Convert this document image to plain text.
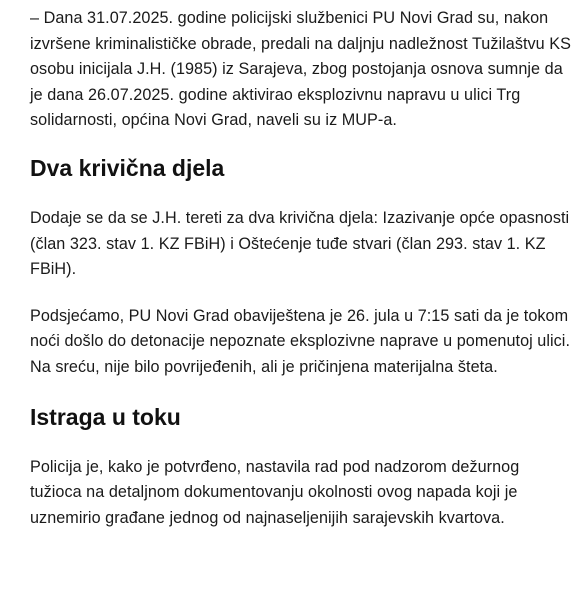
– Dana 31.07.2025. godine policijski službenici PU Novi Grad su, nakon izvršene kriminalističke obrade, predali na daljnju nadležnost Tužilaštvu KS osobu inicijala J.H. (1985) iz Sarajeva, zbog postojanja osnova sumnje da je dana 26.07.2025. godine aktivirao eksplozivnu napravu u ulici Trg solidarnosti, općina Novi Grad, naveli su iz MUP-a.

Dva krivična djela

Dodaje se da se J.H. tereti za dva krivična djela: Izazivanje opće opasnosti (član 323. stav 1. KZ FBiH) i Oštećenje tuđe stvari (član 293. stav 1. KZ FBiH).

Podsjećamo, PU Novi Grad obaviještena je 26. jula u 7:15 sati da je tokom noći došlo do detonacije nepoznate eksplozivne naprave u pomenutoj ulici. Na sreću, nije bilo povrijeđenih, ali je pričinjena materijalna šteta.

Istraga u toku

Policija je, kako je potvrđeno, nastavila rad pod nadzorom dežurnog tužioca na detaljnom dokumentovanju okolnosti ovog napada koji je uznemirio građane jednog od najnaseljenijih sarajevskih kvartova.
